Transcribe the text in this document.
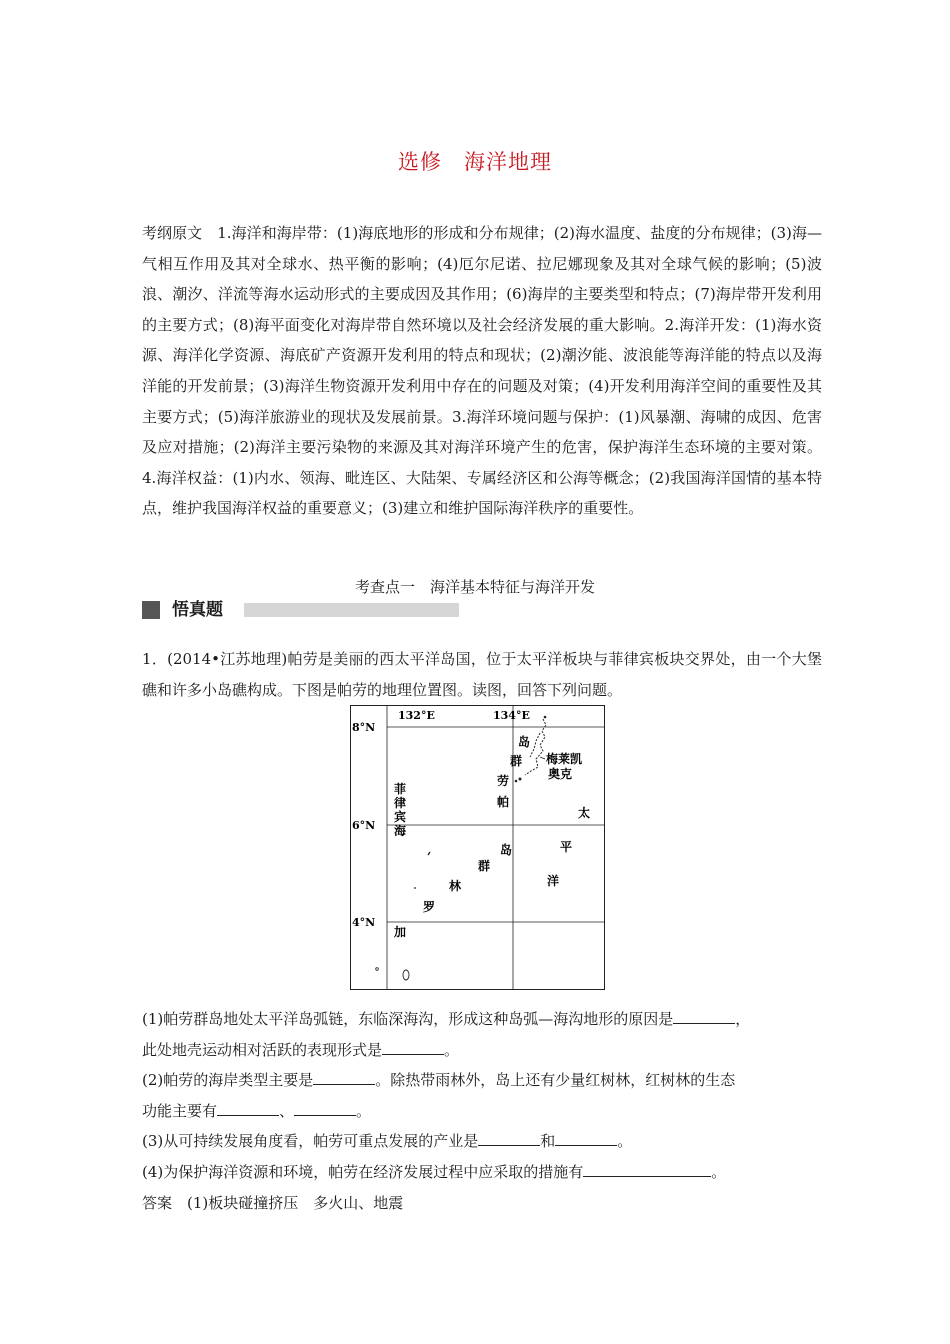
选修　海洋地理

考纲原文　1.海洋和海岸带：(1)海底地形的形成和分布规律；(2)海水温度、盐度的分布规律；(3)海—气相互作用及其对全球水、热平衡的影响；(4)厄尔尼诺、拉尼娜现象及其对全球气候的影响；(5)波浪、潮汐、洋流等海水运动形式的主要成因及其作用；(6)海岸的主要类型和特点；(7)海岸带开发利用的主要方式；(8)海平面变化对海岸带自然环境以及社会经济发展的重大影响。2.海洋开发：(1)海水资源、海洋化学资源、海底矿产资源开发利用的特点和现状；(2)潮汐能、波浪能等海洋能的特点以及海洋能的开发前景；(3)海洋生物资源开发利用中存在的问题及对策；(4)开发利用海洋空间的重要性及其主要方式；(5)海洋旅游业的现状及发展前景。3.海洋环境问题与保护：(1)风暴潮、海啸的成因、危害及应对措施；(2)海洋主要污染物的来源及其对海洋环境产生的危害，保护海洋生态环境的主要对策。4.海洋权益：(1)内水、领海、毗连区、大陆架、专属经济区和公海等概念；(2)我国海洋国情的基本特点，维护我国海洋权益的重要意义；(3)建立和维护国际海洋秩序的重要性。

考查点一　海洋基本特征与海洋开发
悟真题

1．(2014•江苏地理)帕劳是美丽的西太平洋岛国，位于太平洋板块与菲律宾板块交界处，由一个大堡礁和许多小岛礁构成。下图是帕劳的地理位置图。读图，回答下列问题。

132°E	134°E
8°N
6°N
4°N
菲
律
宾
海
岛
群
劳
帕
梅莱凯
奥克
太
平
洋
岛
群
林
罗
加

(1)帕劳群岛地处太平洋岛弧链，东临深海沟，形成这种岛弧—海沟地形的原因是	，

此处地壳运动相对活跃的表现形式是	。

(2)帕劳的海岸类型主要是	。除热带雨林外，岛上还有少量红树林，红树林的生态

功能主要有	、	。

(3)从可持续发展角度看，帕劳可重点发展的产业是	和	。

(4)为保护海洋资源和环境，帕劳在经济发展过程中应采取的措施有	。

答案　(1)板块碰撞挤压　多火山、地震
